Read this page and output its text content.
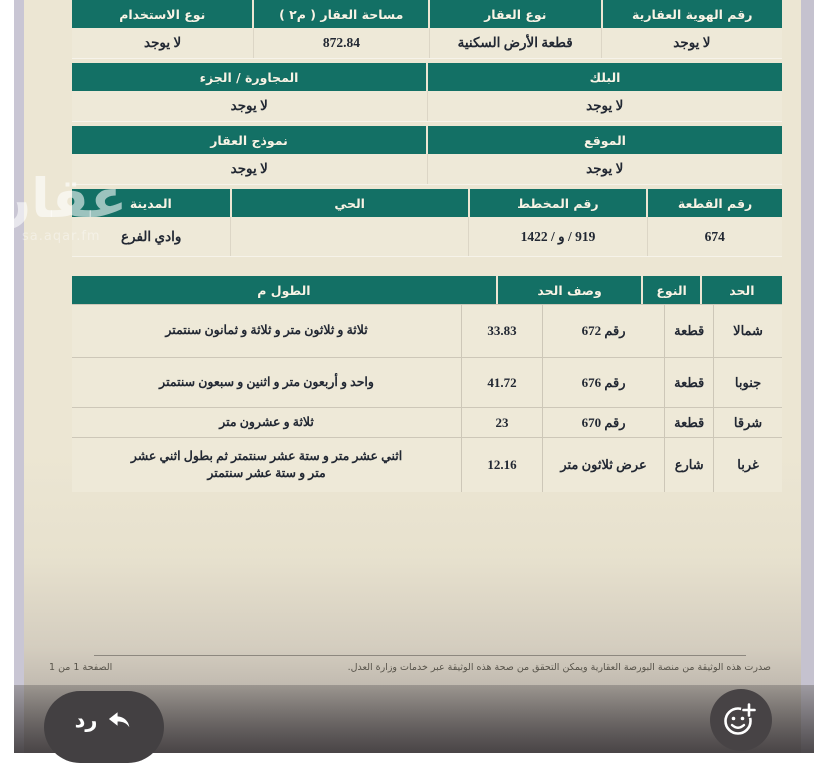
رقم الهوية العقارية
نوع العقار
مساحة العقار ( م٢ )
نوع الاستخدام
لا يوجد
قطعة الأرض السكنية
872.84
لا يوجد
البلك
المجاورة / الجزء
لا يوجد
لا يوجد
الموقع
نموذج العقار
لا يوجد
لا يوجد
رقم القطعة
رقم المخطط
الحي
المدينة
674
919 / و / 1422
وادي الفرع
الحد
النوع
وصف الحد
الطول م
شمالا
قطعة
رقم 672
33.83
ثلاثة و ثلاثون متر و ثلاثة و ثمانون سنتمتر
جنوبا
قطعة
رقم 676
41.72
واحد و أربعون متر و اثنين و سبعون سنتمتر
شرقا
قطعة
رقم 670
23
ثلاثة و عشرون متر
غربا
شارع
عرض ثلاثون متر
12.16
اثني عشر متر و ستة عشر سنتمتر ثم بطول اثني عشر متر و ستة عشر سنتمتر
صدرت هذه الوثيقة من منصة البورصة العقارية ويمكن التحقق من صحة هذه الوثيقة عبر خدمات وزارة العدل.
الصفحة 1 من 1
عقار
sa.aqar.fm
رد
